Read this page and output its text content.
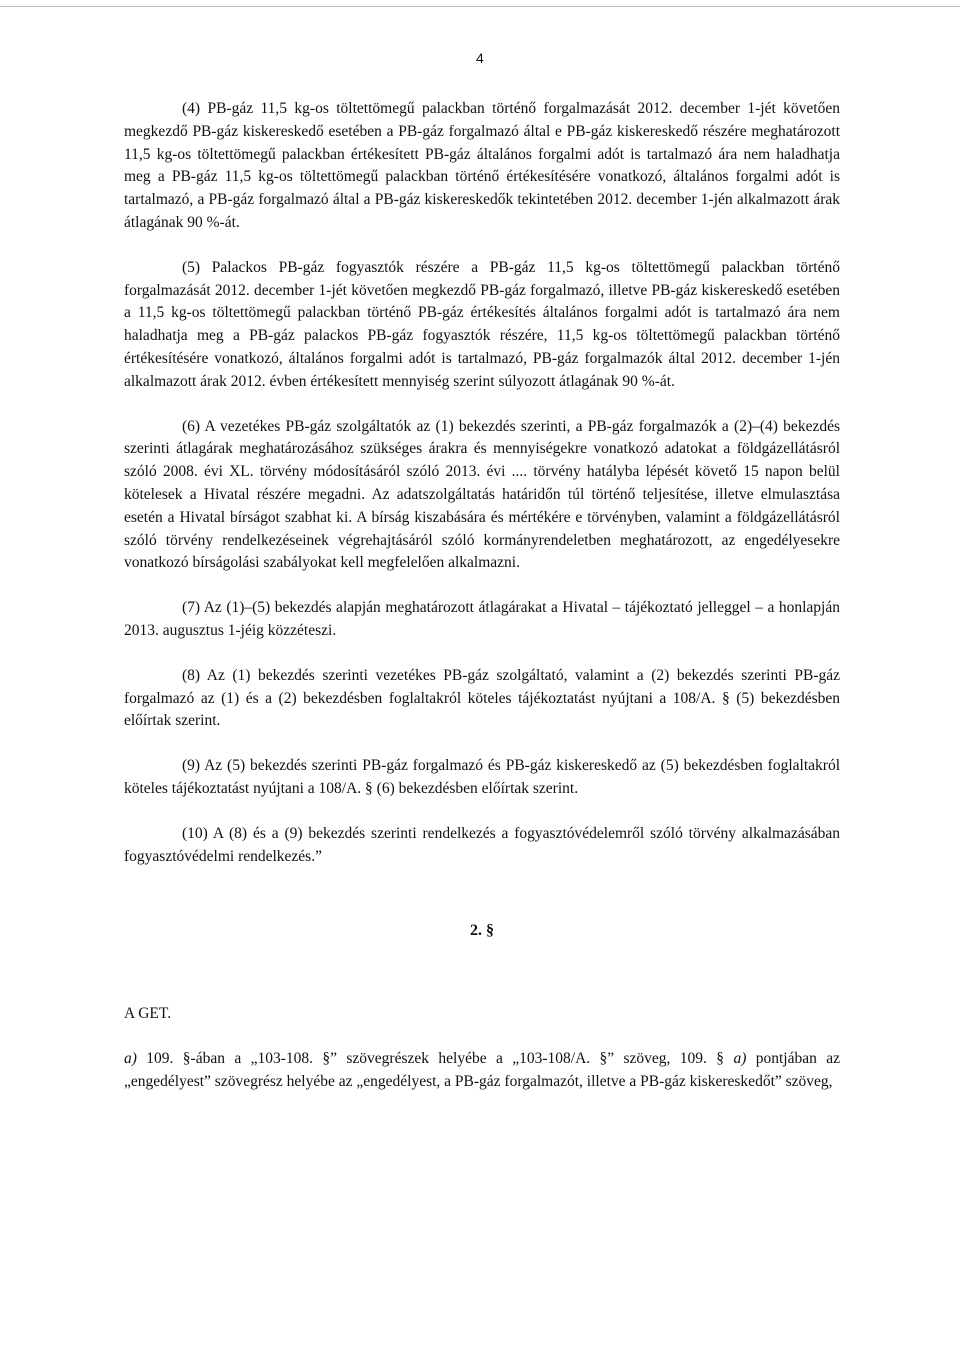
4

(4) PB-gáz 11,5 kg-os töltettömegű palackban történő forgalmazását 2012. december 1-jét követően megkezdő PB-gáz kiskereskedő esetében a PB-gáz forgalmazó által e PB-gáz kiskereskedő részére meghatározott 11,5 kg-os töltettömegű palackban értékesített PB-gáz általános forgalmi adót is tartalmazó ára nem haladhatja meg a PB-gáz 11,5 kg-os töltettömegű palackban történő értékesítésére vonatkozó, általános forgalmi adót is tartalmazó, a PB-gáz forgalmazó által a PB-gáz kiskereskedők tekintetében 2012. december 1-jén alkalmazott árak átlagának 90 %-át.

(5) Palackos PB-gáz fogyasztók részére a PB-gáz 11,5 kg-os töltettömegű palackban történő forgalmazását 2012. december 1-jét követően megkezdő PB-gáz forgalmazó, illetve PB-gáz kiskereskedő esetében a 11,5 kg-os töltettömegű palackban történő PB-gáz értékesítés általános forgalmi adót is tartalmazó ára nem haladhatja meg a PB-gáz palackos PB-gáz fogyasztók részére, 11,5 kg-os töltettömegű palackban történő értékesítésére vonatkozó, általános forgalmi adót is tartalmazó, PB-gáz forgalmazók által 2012. december 1-jén alkalmazott árak 2012. évben értékesített mennyiség szerint súlyozott átlagának 90 %-át.

(6) A vezetékes PB-gáz szolgáltatók az (1) bekezdés szerinti, a PB-gáz forgalmazók a (2)–(4) bekezdés szerinti átlagárak meghatározásához szükséges árakra és mennyiségekre vonatkozó adatokat a földgázellátásról szóló 2008. évi XL. törvény módosításáról szóló 2013. évi .... törvény hatályba lépését követő 15 napon belül kötelesek a Hivatal részére megadni. Az adatszolgáltatás határidőn túl történő teljesítése, illetve elmulasztása esetén a Hivatal bírságot szabhat ki. A bírság kiszabására és mértékére e törvényben, valamint a földgázellátásról szóló törvény rendelkezéseinek végrehajtásáról szóló kormányrendeletben meghatározott, az engedélyesekre vonatkozó bírságolási szabályokat kell megfelelően alkalmazni.

(7) Az (1)–(5) bekezdés alapján meghatározott átlagárakat a Hivatal – tájékoztató jelleggel – a honlapján 2013. augusztus 1-jéig közzéteszi.

(8) Az (1) bekezdés szerinti vezetékes PB-gáz szolgáltató, valamint a (2) bekezdés szerinti PB-gáz forgalmazó az (1) és a (2) bekezdésben foglaltakról köteles tájékoztatást nyújtani a 108/A. § (5) bekezdésben előírtak szerint.

(9) Az (5) bekezdés szerinti PB-gáz forgalmazó és PB-gáz kiskereskedő az (5) bekezdésben foglaltakról köteles tájékoztatást nyújtani a 108/A. § (6) bekezdésben előírtak szerint.

(10) A (8) és a (9) bekezdés szerinti rendelkezés a fogyasztóvédelemről szóló törvény alkalmazásában fogyasztóvédelmi rendelkezés.”

2. §

A GET.

a) 109. §-ában a „103-108. §” szövegrészek helyébe a „103-108/A. §” szöveg, 109. § a) pontjában az „engedélyest” szövegrész helyébe az „engedélyest, a PB-gáz forgalmazót, illetve a PB-gáz kiskereskedőt” szöveg,
